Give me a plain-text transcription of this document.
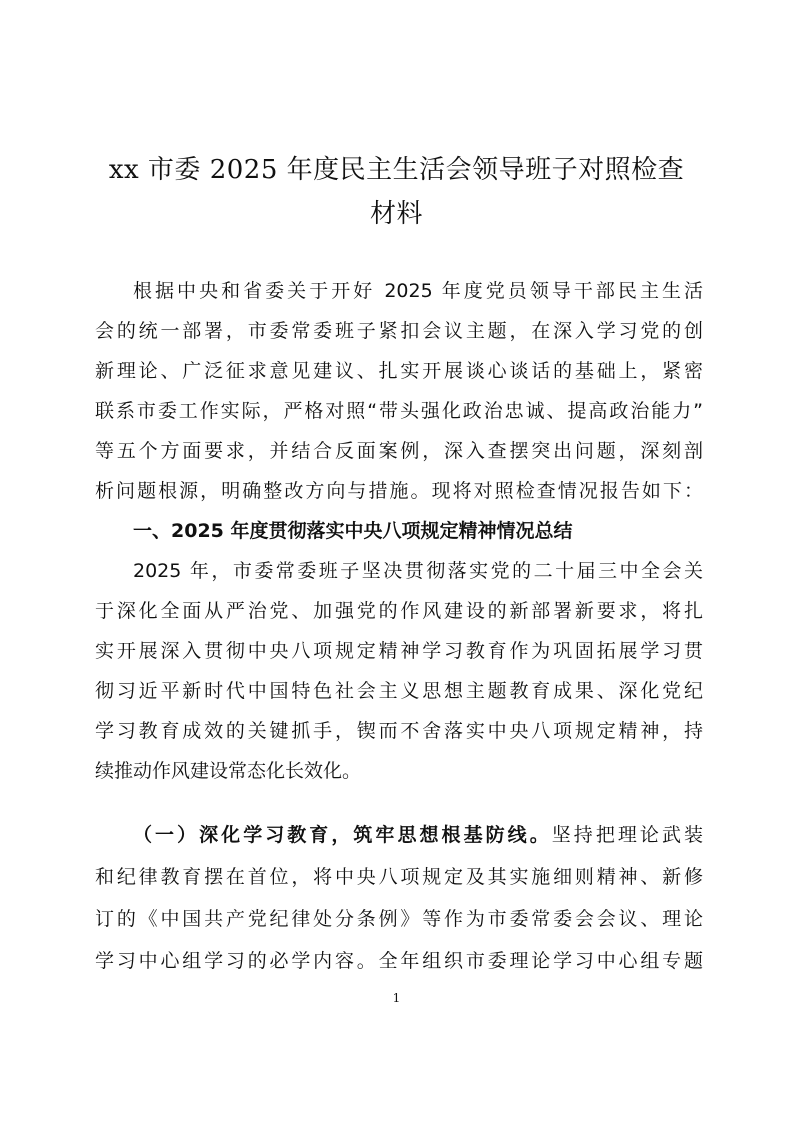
xx 市委 2025 年度民主生活会领导班子对照检查
材料
根据中央和省委关于开好 2025 年度党员领导干部民主生活
会的统一部署，市委常委班子紧扣会议主题，在深入学习党的创
新理论、广泛征求意见建议、扎实开展谈心谈话的基础上，紧密
联系市委工作实际，严格对照“带头强化政治忠诚、提高政治能力”
等五个方面要求，并结合反面案例，深入查摆突出问题，深刻剖
析问题根源，明确整改方向与措施。现将对照检查情况报告如下：
一、2025 年度贯彻落实中央八项规定精神情况总结
2025 年，市委常委班子坚决贯彻落实党的二十届三中全会关
于深化全面从严治党、加强党的作风建设的新部署新要求，将扎
实开展深入贯彻中央八项规定精神学习教育作为巩固拓展学习贯
彻习近平新时代中国特色社会主义思想主题教育成果、深化党纪
学习教育成效的关键抓手，锲而不舍落实中央八项规定精神，持
续推动作风建设常态化长效化。
（一）深化学习教育，筑牢思想根基防线。坚持把理论武装
和纪律教育摆在首位，将中央八项规定及其实施细则精神、新修
订的《中国共产党纪律处分条例》等作为市委常委会会议、理论
学习中心组学习的必学内容。全年组织市委理论学习中心组专题
1
